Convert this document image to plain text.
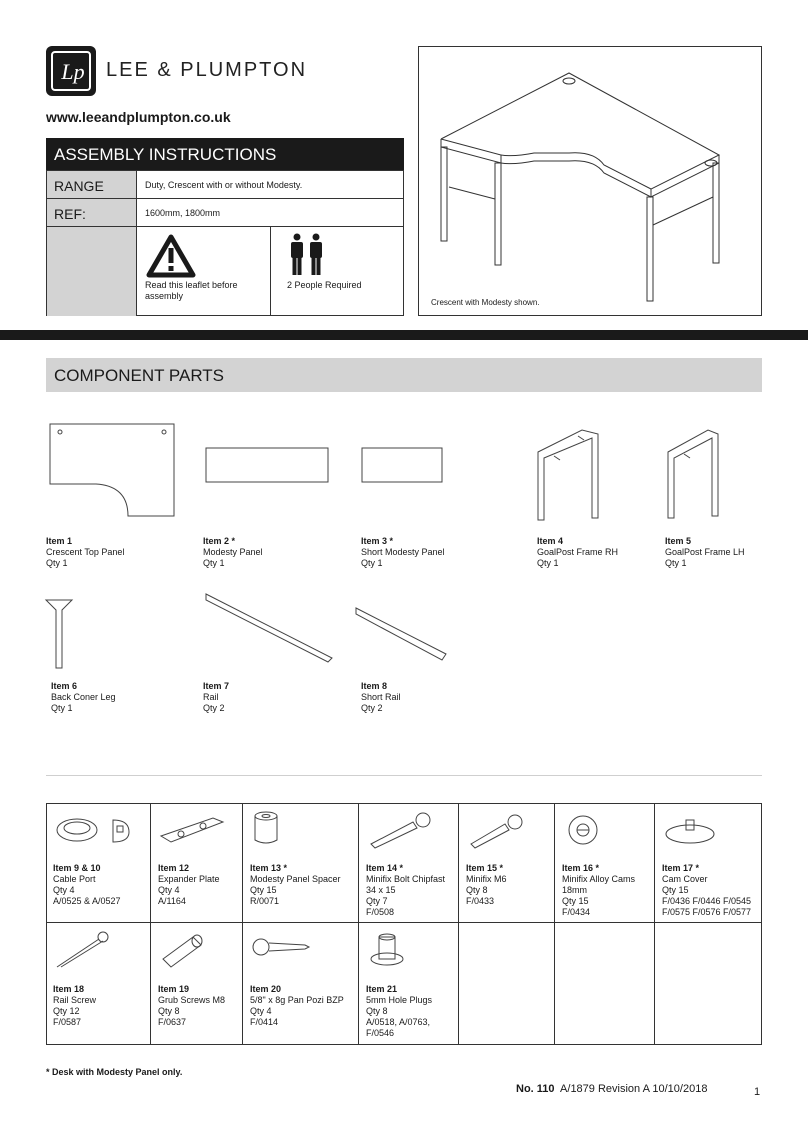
Lp	LEE & PLUMPTON
www.leeandplumpton.co.uk
ASSEMBLY INSTRUCTIONS
RANGE	Duty, Crescent with or without Modesty.
REF:	1600mm, 1800mm
Read this leaflet before assembly
2 People Required
Crescent with Modesty shown.
COMPONENT PARTS
Item 1
Crescent Top Panel
Qty 1
Item 2 *
Modesty Panel
Qty 1
Item 3 *
Short Modesty Panel
Qty 1
Item 4
GoalPost Frame RH
Qty 1
Item 5
GoalPost Frame LH
Qty 1
Item 6
Back Coner Leg
Qty 1
Item 7
Rail
Qty 2
Item 8
Short Rail
Qty 2
Item 9 & 10
Cable Port
Qty 4
A/0525 & A/0527
Item 12
Expander Plate
Qty 4
A/1164
Item 13 *
Modesty Panel Spacer
Qty 15
R/0071
Item 14 *
Minifix Bolt Chipfast
34 x 15
Qty 7
F/0508
Item 15 *
Minifix M6
Qty 8
F/0433
Item 16 *
Minifix Alloy Cams
18mm
Qty 15
F/0434
Item 17 *
Cam Cover
Qty 15
F/0436 F/0446 F/0545
F/0575 F/0576 F/0577
Item 18
Rail Screw
Qty 12
F/0587
Item 19
Grub Screws M8
Qty 8
F/0637
Item 20
5/8" x 8g Pan Pozi BZP
Qty 4
F/0414
Item 21
5mm Hole Plugs
Qty 8
A/0518, A/0763,
F/0546
* Desk with Modesty Panel only.
No. 110 A/1879 Revision A 10/10/2018	1
